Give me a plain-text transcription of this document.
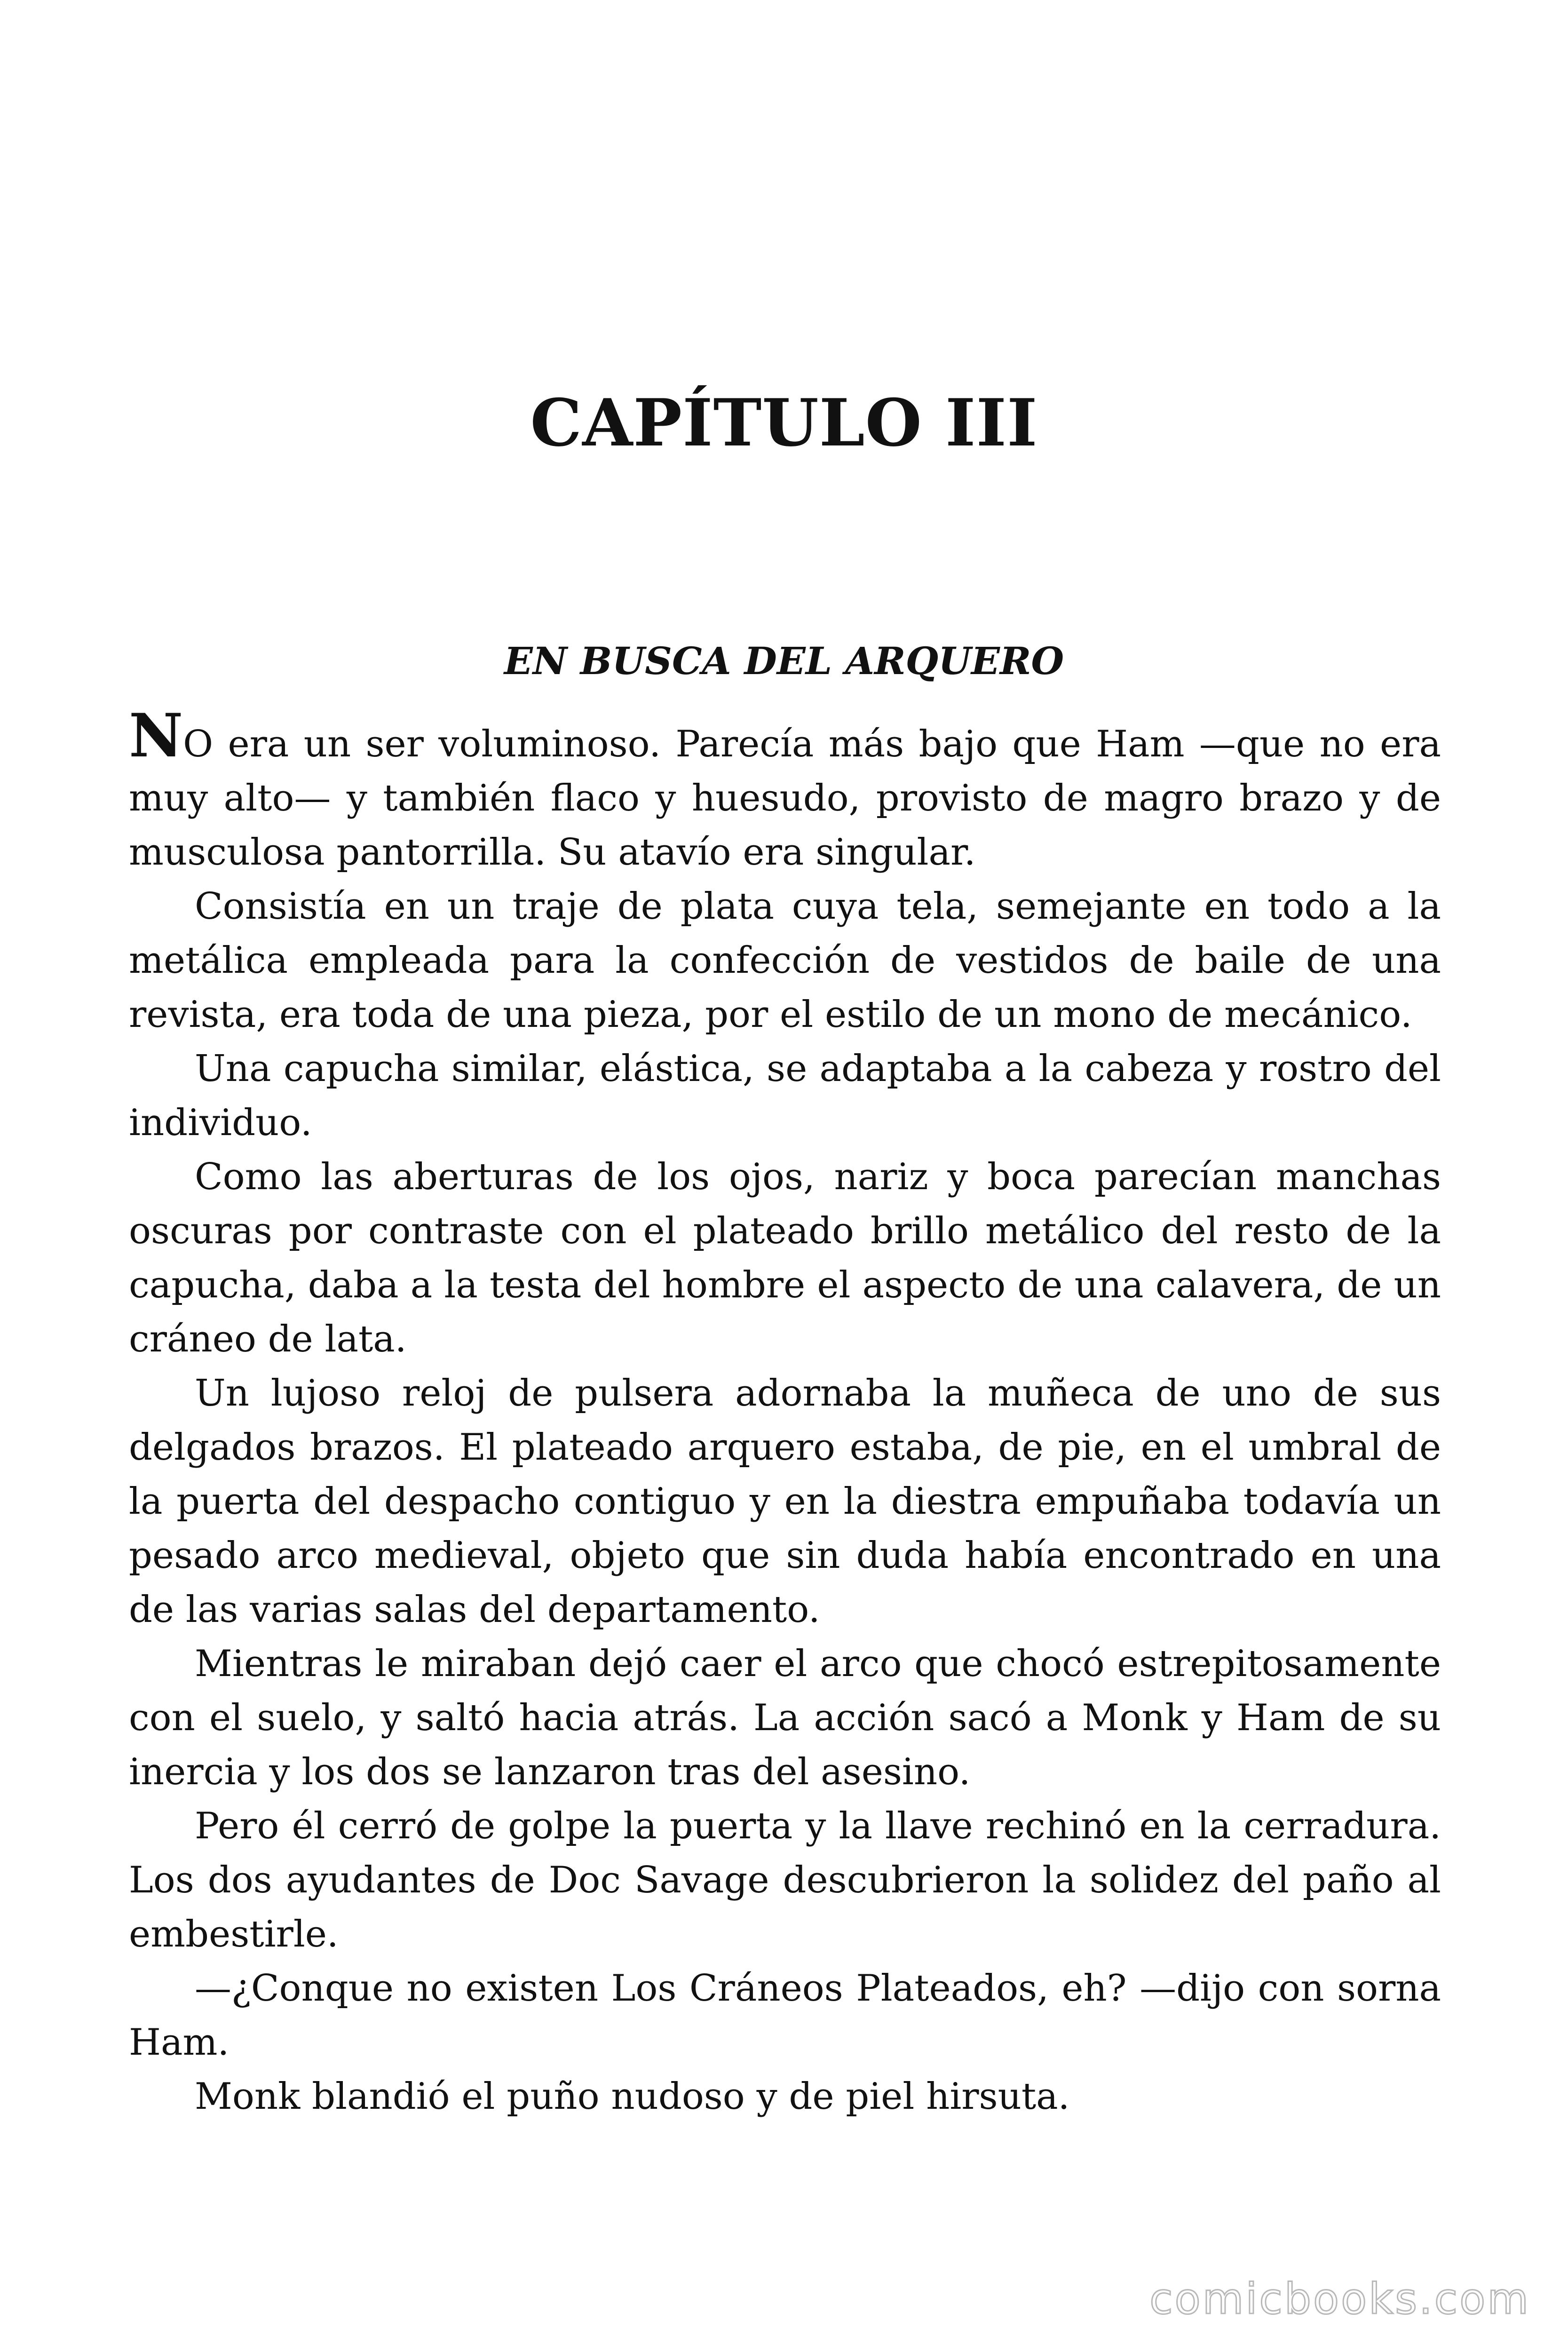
CAPÍTULO III
EN BUSCA DEL ARQUERO

NO era un ser voluminoso. Parecía más bajo que Ham —que no era muy alto— y también flaco y huesudo, provisto de magro brazo y de musculosa pantorrilla. Su atavío era singular.

Consistía en un traje de plata cuya tela, semejante en todo a la metálica empleada para la confección de vestidos de baile de una revista, era toda de una pieza, por el estilo de un mono de mecánico.

Una capucha similar, elástica, se adaptaba a la cabeza y rostro del individuo.

Como las aberturas de los ojos, nariz y boca parecían manchas oscuras por contraste con el plateado brillo metálico del resto de la capucha, daba a la testa del hombre el aspecto de una calavera, de un cráneo de lata.

Un lujoso reloj de pulsera adornaba la muñeca de uno de sus delgados brazos. El plateado arquero estaba, de pie, en el umbral de la puerta del despacho contiguo y en la diestra empuñaba todavía un pesado arco medieval, objeto que sin duda había encontrado en una de las varias salas del departamento.

Mientras le miraban dejó caer el arco que chocó estrepitosamente con el suelo, y saltó hacia atrás. La acción sacó a Monk y Ham de su inercia y los dos se lanzaron tras del asesino.

Pero él cerró de golpe la puerta y la llave rechinó en la cerradura. Los dos ayudantes de Doc Savage descubrieron la solidez del paño al embestirle.

—¿Conque no existen Los Cráneos Plateados, eh? —dijo con sorna Ham.

Monk blandió el puño nudoso y de piel hirsuta.

comicbooks.com
